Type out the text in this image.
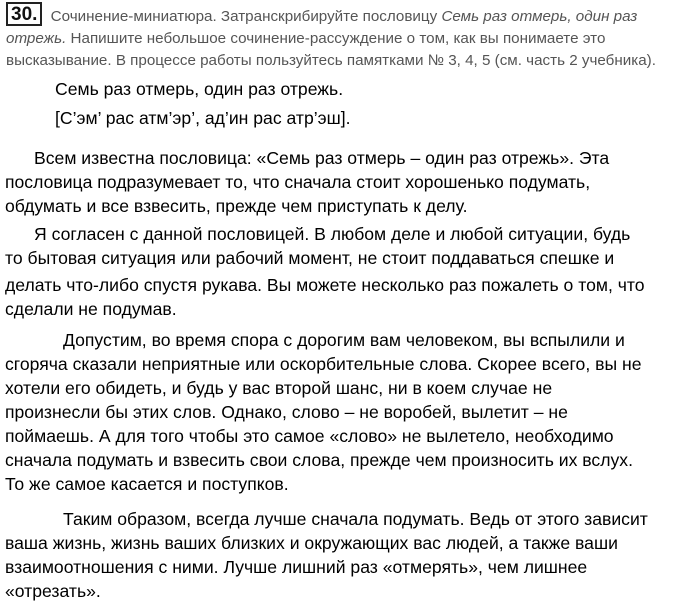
30. Сочинение-миниатюра. Затранскрибируйте пословицу Семь раз отмерь, один раз отрежь. Напишите небольшое сочинение-рассуждение о том, как вы понимаете это высказывание. В процессе работы пользуйтесь памятками № 3, 4, 5 (см. часть 2 учебника).

Семь раз отмерь, один раз отрежь.

[С’эм’ рас атм’эр’, ад’ин рас атр’эш].

Всем известна пословица: «Семь раз отмерь – один раз отрежь». Эта
пословица подразумевает то, что сначала стоит хорошенько подумать,
обдумать и все взвесить, прежде чем приступать к делу.

Я согласен с данной пословицей. В любом деле и любой ситуации, будь
то бытовая ситуация или рабочий момент, не стоит поддаваться спешке и
делать что-либо спустя рукава. Вы можете несколько раз пожалеть о том, что
сделали не подумав.

Допустим, во время спора с дорогим вам человеком, вы вспылили и
сгоряча сказали неприятные или оскорбительные слова. Скорее всего, вы не
хотели его обидеть, и будь у вас второй шанс, ни в коем случае не
произнесли бы этих слов. Однако, слово – не воробей, вылетит – не
поймаешь. А для того чтобы это самое «слово» не вылетело, необходимо
сначала подумать и взвесить свои слова, прежде чем произносить их вслух.
То же самое касается и поступков.

Таким образом, всегда лучше сначала подумать. Ведь от этого зависит
ваша жизнь, жизнь ваших близких и окружающих вас людей, а также ваши
взаимоотношения с ними. Лучше лишний раз «отмерять», чем лишнее
«отрезать».
